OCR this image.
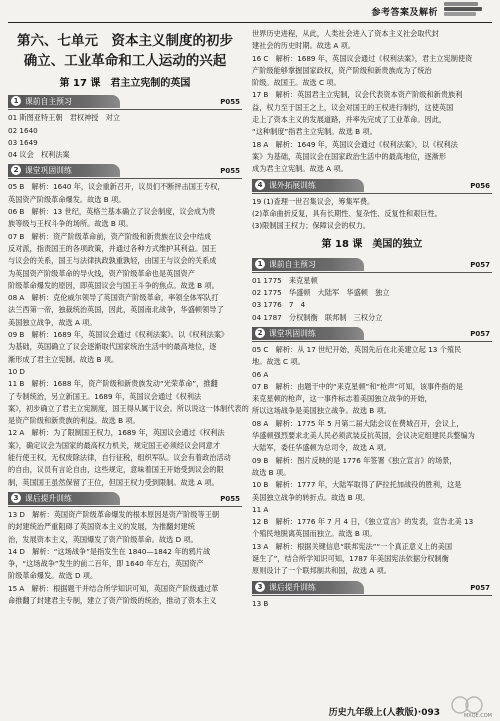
参考答案及解析
第六、七单元　资本主义制度的初步
确立、工业革命和工人运动的兴起
第 17 课　君主立宪制的英国
1 课前自主预习	P055
01 斯图亚特王朝　君权神授　对立
02 1640
03 1649
04 议会　权利法案
2 课堂巩固训练	P055
05 B　解析：1640 年，议会重新召开，议员们不断抨击国王专权，
英国资产阶级革命爆发。故选 B 项。
06 B　解析：13 世纪，英格兰基本确立了议会制度，议会成为贵
族等级与王权斗争的场所。故选 B 项。
07 B　解析：资产阶级革命前，资产阶级和新贵族在议会中结成
反对派，指责国王的各项政策，并通过各种方式维护其利益。国王
与议会的关系，国王与法律执政孰重孰轻，由国王与议会的关系成
为英国资产阶级革命的导火线，资产阶级革命也是英国资产
阶级革命爆发的原因，即英国议会与国王斗争的焦点。故选 B 项。
08 A　解析：克伦威尔领导了英国资产阶级革命，率领全体军队打
法兰西第一帝，独裁统治英国，因此，英国南北战争，华盛顿领导了
美国独立战争，故选 A 项。
09 B　解析：1689 年，英国议会通过《权利法案》。以《权利法案》
为基础，英国确立了议会逐渐取代国家统治生活中的最高地位，逐
渐形成了君主立宪制。故选 B 项。
10 D
11 B　解析：1688 年，资产阶级和新贵族发动“光荣革命”，推翻
了专制统治，另立新国王。1689 年，英国议会通过《权利法
案》，初步确立了君主立宪制度，国王得从属于议会。所以说这一体制代表的
是资产阶级和新贵族的利益。故选 B 项。
12 A　解析：为了限制国王权力，1689 年，英国议会通过《权利法
案》，确定议会为国家的最高权力机关，规定国王必须经议会同意才
能行使王权，无权废除法律，自行征税，组织军队。议会有着政治活动
的自由，议员有言论自由，这些规定，意味着国王开始受到议会的限
制，英国国王虽然保留了王位，但国王权力受到限制。故选 A 项。
3 课后提升训练	P055
13 D　解析：英国资产阶级革命爆发的根本原因是资产阶级等王朝
的封建统治严重阻碍了英国资本主义的发展，为推翻封建统
治，发展资本主义，英国爆发了资产阶级革命。故选 D 项。
14 D　解析：“这场战争”是指发生在 1840—1842 年的鸦片战
争，“这场战争”发生的前二百年，即 1640 年左右，英国资产
阶级革命爆发。故选 D 项。
15 A　解析：根据题干并结合所学知识可知，英国资产阶级通过革
命推翻了封建君主专制，建立了资产阶级的统治，推动了资本主义
世界历史进程，从此，人类社会进入了资本主义社会取代封
建社会的历史时期。故选 A 项。
16 C　解析：1689 年，英国议会通过《权利法案》，君主立宪制使资
产阶级能够掌握国家政权，资产阶级和新贵族成为了统治
阶级。故国王。故选 C 项。
17 B　解析：英国君主立宪制，议会代表资本资产阶级和新贵族利
益，权力至于国王之上，议会对国王的王权进行制约，这使英国
走上了资本主义的发展道路，并率先完成了工业革命。因此，
“这种制度”指君主立宪制。故选 B 项。
18 A　解析：1649 年，英国议会通过《权利法案》，以《权利法
案》为基础，英国议会在国家政治生活中的最高地位，逐渐形
成为君主立宪制。故选 A 项。
4 课外拓展训练	P056
19 (1)查理一世召集议会，筹集军费。
(2)革命曲折反复，具有长期性、复杂性、反复性和艰巨性。
(3)限制国王权力；保障议会的权力。
第 18 课　美国的独立
1 课前自主预习	P057
01 1775　来克星顿
02 1775　华盛顿　大陆军　华盛顿　独立
03 1776　7　4
04 1787　分权制衡　联邦制　三权分立
2 课堂巩固训练	P057
05 C　解析：从 17 世纪开始，英国先后在北美建立起 13 个殖民
地。故选 C 项。
06 A
07 B　解析：由题干中的“来克星顿”和“枪声”可知，该事件指的是
来克星顿的枪声，这一事件标志着美国独立战争的开始，
所以这场战争是美国独立战争。故选 B 项。
08 A　解析：1775 年 5 月第二届大陆会议在费城召开，会议上，
华盛顿强烈要求北美人民必须武装反抗英国，会议决定组建民兵整编为
大陆军，委任华盛顿为总司令，故选 A 项。
09 B　解析：图片反映的是 1776 年签署《独立宣言》的场景，
故选 B 项。
10 B　解析：1777 年，大陆军取得了萨拉托加战役的胜利，这是
美国独立战争的转折点。故选 B 项。
11 A
12 B　解析：1776 年 7 月 4 日，《独立宣言》的发表，宣告北美 13
个殖民地脱离英国而独立。故选 B 项。
13 A　解析：根据关键信息“联邦宪法”“一个真正意义上的美国
诞生了”，结合所学知识可知，1787 年美国宪法依据分权制衡
原则设计了一个联邦制共和国，故选 A 项。
3 课后提升训练	P057
13 B
历史九年级上(人教版)·093	MXQE.COM
